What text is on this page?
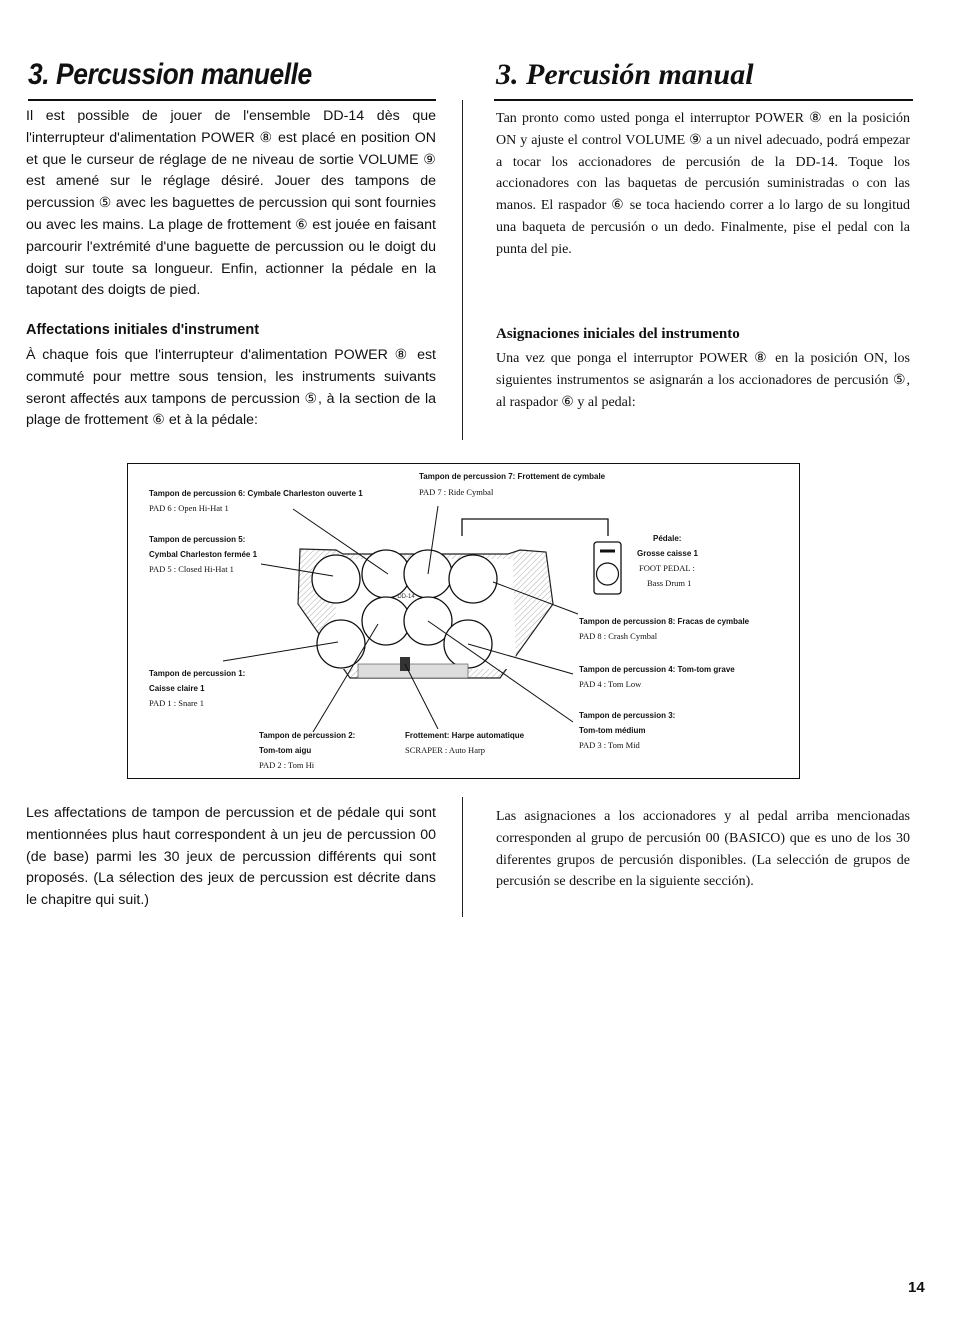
3. Percussion manuelle	3. Percusión manual

Il est possible de jouer de l'ensemble DD-14 dès que l'interrupteur d'alimentation POWER ⑧ est placé en position ON et que le curseur de réglage de ne niveau de sortie VOLUME ⑨ est amené sur le réglage désiré. Jouer des tampons de percussion ⑤ avec les baguettes de percussion qui sont fournies ou avec les mains. La plage de frottement ⑥ est jouée en faisant parcourir l'extrémité d'une baguette de percussion ou le doigt du doigt sur toute sa longueur. Enfin, actionner la pédale en la tapotant des doigts de pied.

Tan pronto como usted ponga el interruptor POWER ⑧ en la posición ON y ajuste el control VOLUME ⑨ a un nivel adecuado, podrá empezar a tocar los accionadores de percusión de la DD-14. Toque los accionadores con las baquetas de percusión suministradas o con las manos. El raspador ⑥ se toca haciendo correr a lo largo de su longitud una baqueta de percusión o un dedo. Finalmente, pise el pedal con la punta del pie.

Affectations initiales d'instrument	Asignaciones iniciales del instrumento

À chaque fois que l'interrupteur d'alimentation POWER ⑧ est commuté pour mettre sous tension, les instruments suivants seront affectés aux tampons de percussion ⑤, à la section de la plage de frottement ⑥ et à la pédale:

Una vez que ponga el interruptor POWER ⑧ en la posición ON, los siguientes instrumentos se asignarán a los accionadores de percusión ⑤, al raspador ⑥ y al pedal:

DD-14
Tampon de percussion 7: Frottement de cymbale
PAD 7 : Ride Cymbal
Tampon de percussion 6: Cymbale Charleston ouverte 1
PAD 6 : Open Hi-Hat 1
Tampon de percussion 5:
Cymbal Charleston fermée 1
PAD 5 : Closed Hi-Hat 1
Pédale:
Grosse caisse 1
FOOT PEDAL :
Bass Drum 1
Tampon de percussion 8: Fracas de cymbale
PAD 8 : Crash Cymbal
Tampon de percussion 1:
Caisse claire 1
PAD 1 : Snare 1
Tampon de percussion 4: Tom-tom grave
PAD 4 : Tom Low
Tampon de percussion 3:
Tom-tom médium
PAD 3 : Tom Mid
Tampon de percussion 2:
Tom-tom aigu
PAD 2 : Tom Hi
Frottement: Harpe automatique
SCRAPER : Auto Harp

Les affectations de tampon de percussion et de pédale qui sont mentionnées plus haut correspondent à un jeu de percussion 00 (de base) parmi les 30 jeux de percussion différents qui sont proposés. (La sélection des jeux de percussion est décrite dans le chapitre qui suit.)

Las asignaciones a los accionadores y al pedal arriba mencionadas corresponden al grupo de percusión 00 (BASICO) que es uno de los 30 diferentes grupos de percusión disponibles. (La selección de grupos de percusión se describe en la siguiente sección).

14
